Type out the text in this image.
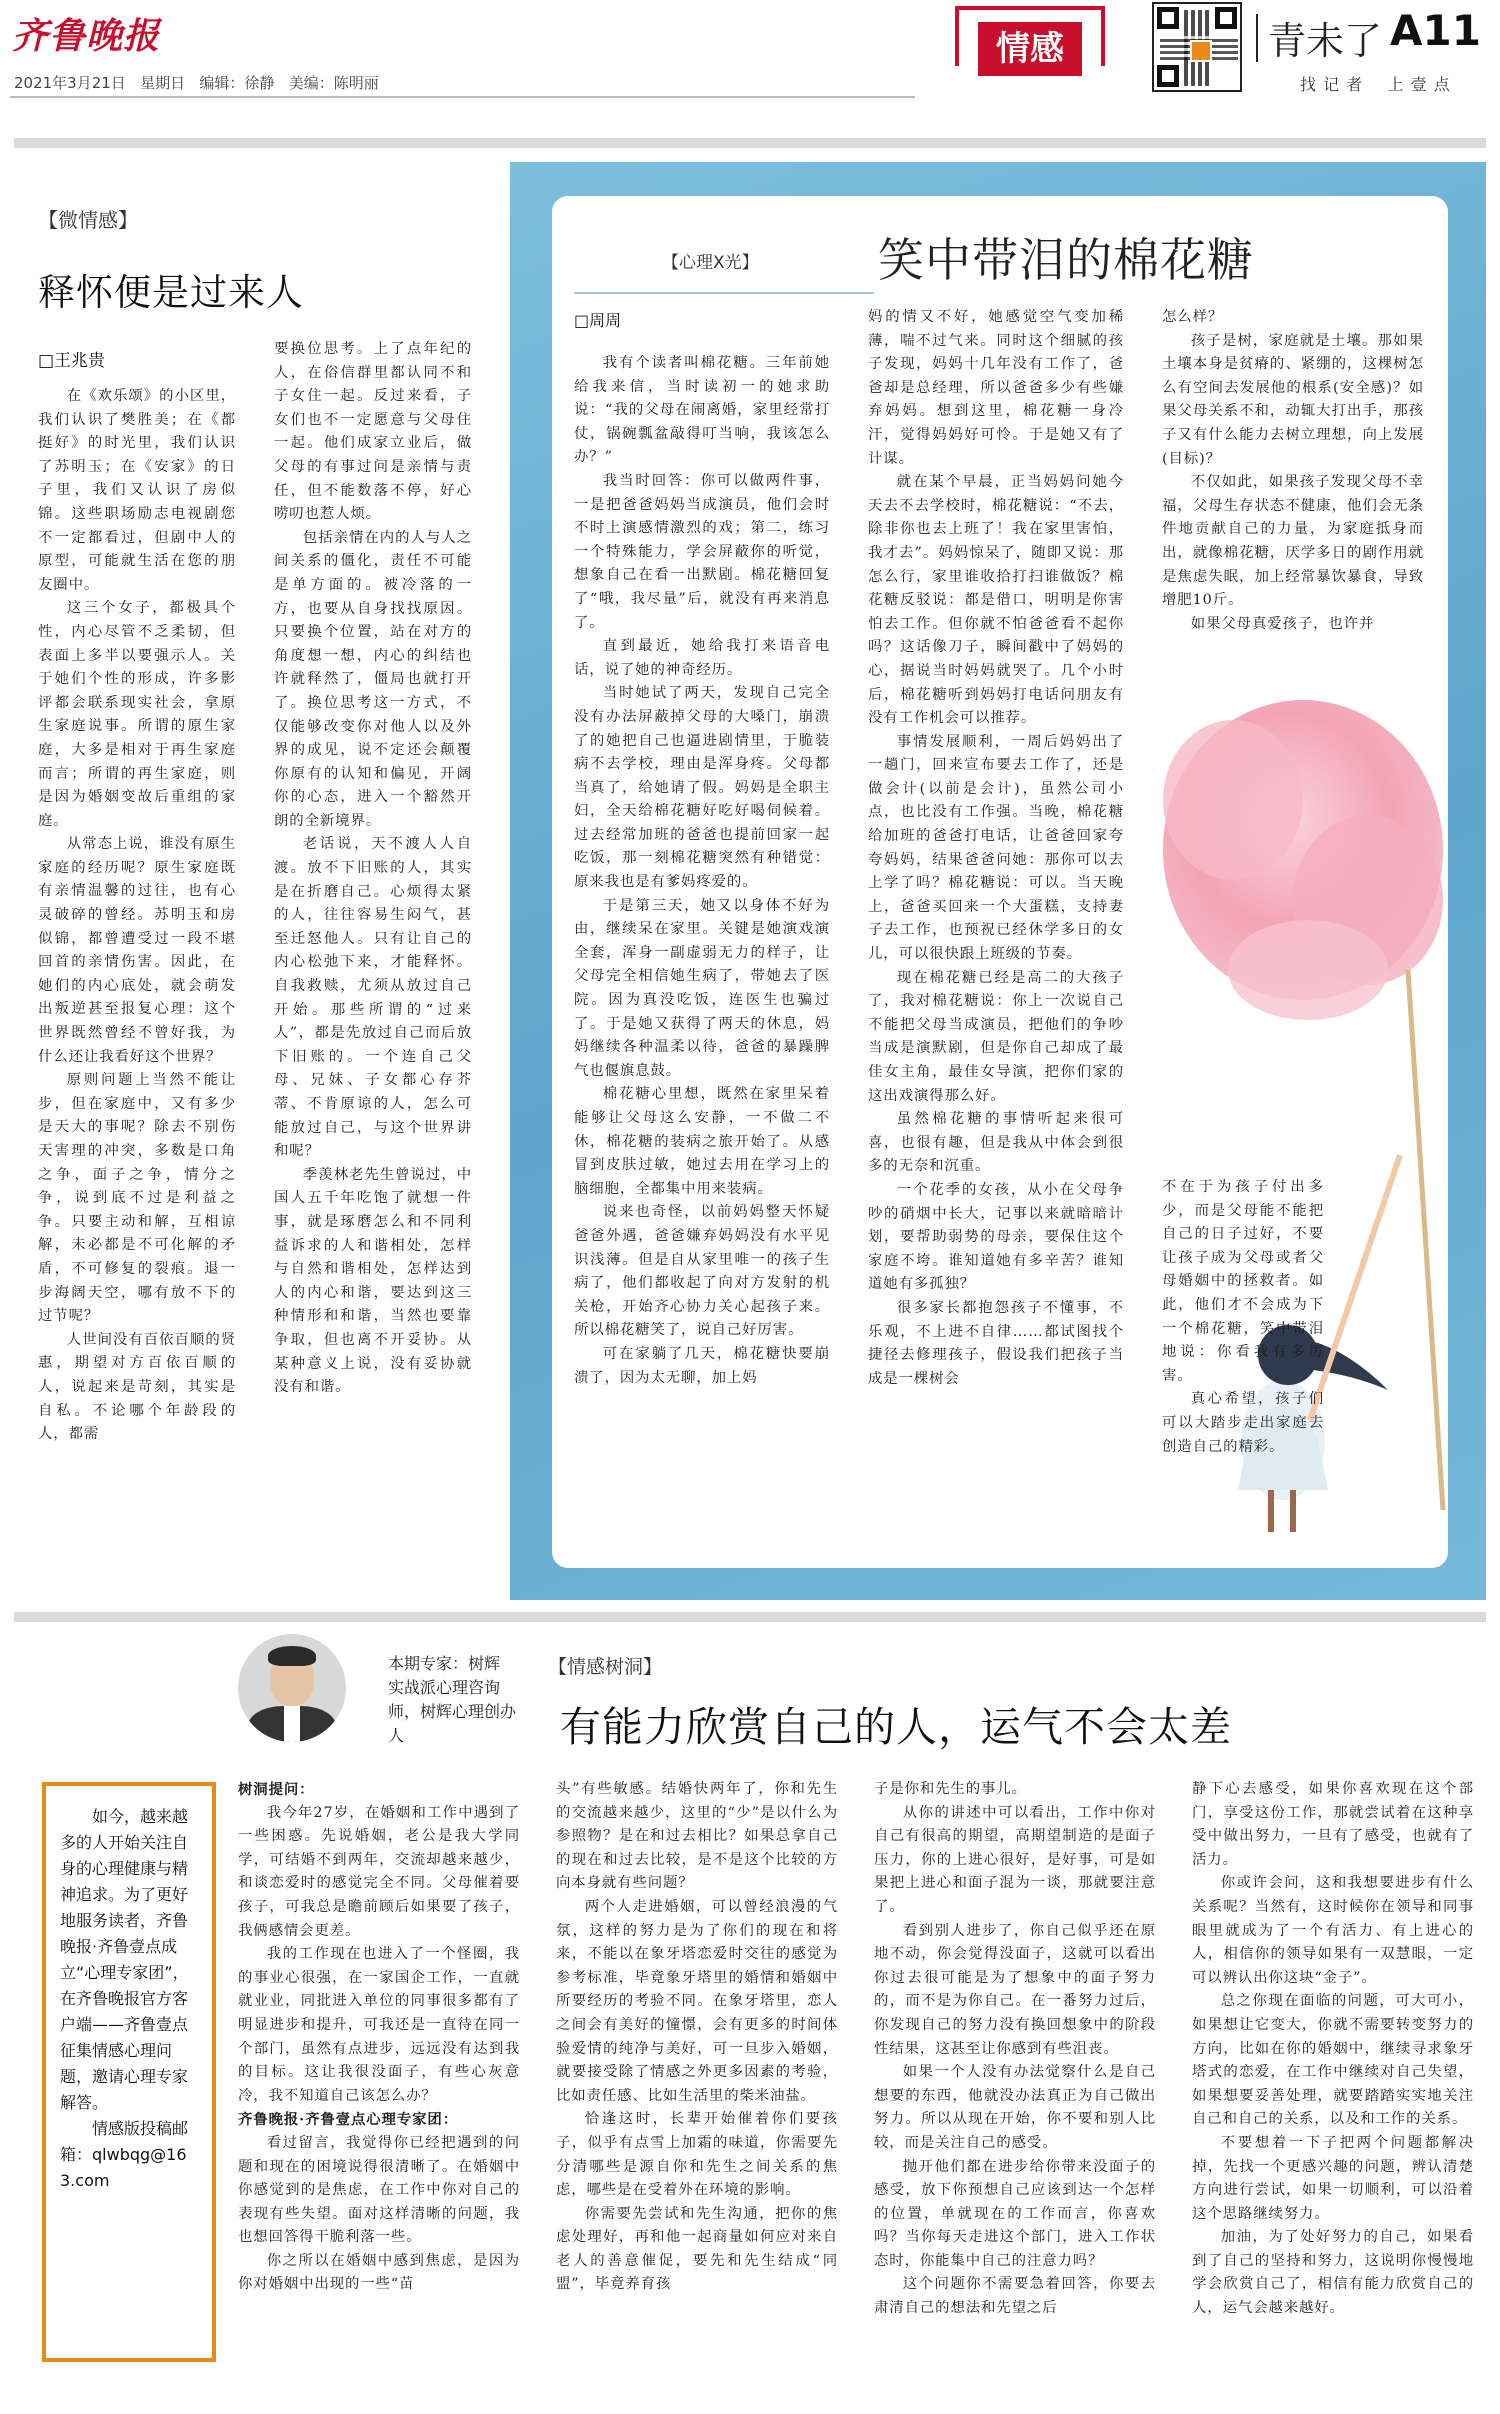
齐鲁晚报
2021年3月21日   星期日   编辑：徐静   美编：陈明丽
情感	青未了 A11
找 记 者    上 壹 点
【微情感】
释怀便是过来人
□王兆贵

在《欢乐颂》的小区里，我们认识了樊胜美；在《都挺好》的时光里，我们认识了苏明玉；在《安家》的日子里，我们又认识了房似锦。这些职场励志电视剧您不一定都看过，但剧中人的原型，可能就生活在您的朋友圈中。

这三个女子，都极具个性，内心尽管不乏柔韧，但表面上多半以要强示人。关于她们个性的形成，许多影评都会联系现实社会，拿原生家庭说事。所谓的原生家庭，大多是相对于再生家庭而言；所谓的再生家庭，则是因为婚姻变故后重组的家庭。

从常态上说，谁没有原生家庭的经历呢？原生家庭既有亲情温馨的过往，也有心灵破碎的曾经。苏明玉和房似锦，都曾遭受过一段不堪回首的亲情伤害。因此，在她们的内心底处，就会萌发出叛逆甚至报复心理：这个世界既然曾经不曾好我，为什么还让我看好这个世界？

原则问题上当然不能让步，但在家庭中，又有多少是天大的事呢？除去不别伤天害理的冲突，多数是口角之争，面子之争，情分之争，说到底不过是利益之争。只要主动和解，互相谅解，未必都是不可化解的矛盾，不可修复的裂痕。退一步海阔天空，哪有放不下的过节呢？

人世间没有百依百顺的贤惠，期望对方百依百顺的人，说起来是苛刻，其实是自私。不论哪个年龄段的人，都需

要换位思考。上了点年纪的人，在俗信群里都认同不和子女住一起。反过来看，子女们也不一定愿意与父母住一起。他们成家立业后，做父母的有事过问是亲情与责任，但不能数落不停，好心唠叨也惹人烦。

包括亲情在内的人与人之间关系的僵化，责任不可能是单方面的。被冷落的一方，也要从自身找找原因。只要换个位置，站在对方的角度想一想，内心的纠结也许就释然了，僵局也就打开了。换位思考这一方式，不仅能够改变你对他人以及外界的成见，说不定还会颠覆你原有的认知和偏见，开阔你的心态，进入一个豁然开朗的全新境界。

老话说，天不渡人人自渡。放不下旧账的人，其实是在折磨自己。心烦得太紧的人，往往容易生闷气，甚至迁怒他人。只有让自己的内心松弛下来，才能释怀。自我救赎，尤须从放过自己开始。那些所谓的“过来人”，都是先放过自己而后放下旧账的。一个连自己父母、兄妹、子女都心存芥蒂、不肯原谅的人，怎么可能放过自己，与这个世界讲和呢？

季羡林老先生曾说过，中国人五千年吃饱了就想一件事，就是琢磨怎么和不同利益诉求的人和谐相处，怎样与自然和谐相处，怎样达到人的内心和谐，要达到这三种情形和和谐，当然也要靠争取，但也离不开妥协。从某种意义上说，没有妥协就没有和谐。

【心理X光】	笑中带泪的棉花糖
□周周

我有个读者叫棉花糖。三年前她给我来信，当时读初一的她求助说：“我的父母在闹离婚，家里经常打仗，锅碗瓢盆敲得叮当响，我该怎么办？”

我当时回答：你可以做两件事，一是把爸爸妈妈当成演员，他们会时不时上演感情激烈的戏；第二，练习一个特殊能力，学会屏蔽你的听觉，想象自己在看一出默剧。棉花糖回复了“哦，我尽量”后，就没有再来消息了。

直到最近，她给我打来语音电话，说了她的神奇经历。

当时她试了两天，发现自己完全没有办法屏蔽掉父母的大嗓门，崩溃了的她把自己也逼进剧情里，于脆装病不去学校，理由是浑身疼。父母都当真了，给她请了假。妈妈是全职主妇，全天给棉花糖好吃好喝伺候着。过去经常加班的爸爸也提前回家一起吃饭，那一刻棉花糖突然有种错觉：原来我也是有爹妈疼爱的。

于是第三天，她又以身体不好为由，继续呆在家里。关键是她演戏演全套，浑身一副虚弱无力的样子，让父母完全相信她生病了，带她去了医院。因为真没吃饭，连医生也骗过了。于是她又获得了两天的休息，妈妈继续各种温柔以待，爸爸的暴躁脾气也偃旗息鼓。

棉花糖心里想，既然在家里呆着能够让父母这么安静，一不做二不休，棉花糖的装病之旅开始了。从感冒到皮肤过敏，她过去用在学习上的脑细胞，全都集中用来装病。

说来也奇怪，以前妈妈整天怀疑爸爸外遇，爸爸嫌弃妈妈没有水平见识浅薄。但是自从家里唯一的孩子生病了，他们都收起了向对方发射的机关枪，开始齐心协力关心起孩子来。所以棉花糖笑了，说自己好厉害。

可在家躺了几天，棉花糖快要崩溃了，因为太无聊，加上妈

妈的情又不好，她感觉空气变加稀薄，喘不过气来。同时这个细腻的孩子发现，妈妈十几年没有工作了，爸爸却是总经理，所以爸爸多少有些嫌弃妈妈。想到这里，棉花糖一身冷汗，觉得妈妈好可怜。于是她又有了计谋。

就在某个早晨，正当妈妈问她今天去不去学校时，棉花糖说：“不去，除非你也去上班了！我在家里害怕，我才去”。妈妈惊呆了，随即又说：那怎么行，家里谁收拾打扫谁做饭？棉花糖反驳说：都是借口，明明是你害怕去工作。但你就不怕爸爸看不起你吗？这话像刀子，瞬间戳中了妈妈的心，据说当时妈妈就哭了。几个小时后，棉花糖听到妈妈打电话问朋友有没有工作机会可以推荐。

事情发展顺利，一周后妈妈出了一趟门，回来宣布要去工作了，还是做会计(以前是会计)，虽然公司小点，也比没有工作强。当晚，棉花糖给加班的爸爸打电话，让爸爸回家夸夸妈妈，结果爸爸问她：那你可以去上学了吗？棉花糖说：可以。当天晚上，爸爸买回来一个大蛋糕，支持妻子去工作，也预祝已经休学多日的女儿，可以很快跟上班级的节奏。

现在棉花糖已经是高二的大孩子了，我对棉花糖说：你上一次说自己不能把父母当成演员，把他们的争吵当成是演默剧，但是你自己却成了最佳女主角，最佳女导演，把你们家的这出戏演得那么好。

虽然棉花糖的事情听起来很可喜，也很有趣，但是我从中体会到很多的无奈和沉重。

一个花季的女孩，从小在父母争吵的硝烟中长大，记事以来就暗暗计划，要帮助弱势的母亲，要保住这个家庭不垮。谁知道她有多辛苦？谁知道她有多孤独？

很多家长都抱怨孩子不懂事，不乐观，不上进不自律……都试图找个捷径去修理孩子，假设我们把孩子当成是一棵树会

怎么样？

孩子是树，家庭就是土壤。那如果土壤本身是贫瘠的、紧绷的，这棵树怎么有空间去发展他的根系(安全感)？如果父母关系不和，动辄大打出手，那孩子又有什么能力去树立理想，向上发展(目标)？

不仅如此，如果孩子发现父母不幸福，父母生存状态不健康，他们会无条件地贡献自己的力量，为家庭抵身而出，就像棉花糖，厌学多日的剧作用就是焦虑失眠，加上经常暴饮暴食，导致增肥10斤。

如果父母真爱孩子，也许并

不在于为孩子付出多少，而是父母能不能把自己的日子过好，不要让孩子成为父母或者父母婚姻中的拯救者。如此，他们才不会成为下一个棉花糖，笑中带泪地说：你看我有多厉害。

真心希望，孩子们可以大踏步走出家庭去创造自己的精彩。

本期专家：树辉
实战派心理咨询师，树辉心理创办人
【情感树洞】
有能力欣赏自己的人，运气不会太差
如今，越来越多的人开始关注自身的心理健康与精神追求。为了更好地服务读者，齐鲁晚报·齐鲁壹点成立“心理专家团”，在齐鲁晚报官方客户端——齐鲁壹点征集情感心理问题，邀请心理专家解答。
　　情感版投稿邮箱：qlwbqg@163.com

树洞提问：

我今年27岁，在婚姻和工作中遇到了一些困惑。先说婚姻，老公是我大学同学，可结婚不到两年，交流却越来越少，和谈恋爱时的感觉完全不同。父母催着要孩子，可我总是瞻前顾后如果要了孩子，我俩感情会更差。

我的工作现在也进入了一个怪圈，我的事业心很强，在一家国企工作，一直就就业业，同批进入单位的同事很多都有了明显进步和提升，可我还是一直待在同一个部门，虽然有点进步，远远没有达到我的目标。这让我很没面子，有些心灰意冷，我不知道自己该怎么办？

齐鲁晚报·齐鲁壹点心理专家团：

看过留言，我觉得你已经把遇到的问题和现在的困境说得很清晰了。在婚姻中你感觉到的是焦虑，在工作中你对自己的表现有些失望。面对这样清晰的问题，我也想回答得干脆利落一些。

你之所以在婚姻中感到焦虑，是因为你对婚姻中出现的一些“苗

头”有些敏感。结婚快两年了，你和先生的交流越来越少，这里的“少”是以什么为参照物？是在和过去相比？如果总拿自己的现在和过去比较，是不是这个比较的方向本身就有些问题？

两个人走进婚姻，可以曾经浪漫的气氛，这样的努力是为了你们的现在和将来，不能以在象牙塔恋爱时交往的感觉为参考标准，毕竟象牙塔里的婚情和婚姻中所要经历的考验不同。在象牙塔里，恋人之间会有美好的憧憬，会有更多的时间体验爱情的纯净与美好，可一旦步入婚姻，就要接受除了情感之外更多因素的考验，比如责任感、比如生活里的柴米油盐。

恰逢这时，长辈开始催着你们要孩子，似乎有点雪上加霜的味道，你需要先分清哪些是源自你和先生之间关系的焦虑，哪些是在受着外在环境的影响。

你需要先尝试和先生沟通，把你的焦虑处理好，再和他一起商量如何应对来自老人的善意催促，要先和先生结成“同盟”，毕竟养育孩

子是你和先生的事儿。

从你的讲述中可以看出，工作中你对自己有很高的期望，高期望制造的是面子压力，你的上进心很好，是好事，可是如果把上进心和面子混为一谈，那就要注意了。

看到别人进步了，你自己似乎还在原地不动，你会觉得没面子，这就可以看出你过去很可能是为了想象中的面子努力的，而不是为你自己。在一番努力过后，你发现自己的努力没有换回想象中的阶段性结果，这甚至让你感到有些沮丧。

如果一个人没有办法觉察什么是自己想要的东西，他就没办法真正为自己做出努力。所以从现在开始，你不要和别人比较，而是关注自己的感受。

抛开他们都在进步给你带来没面子的感受，放下你预想自己应该到达一个怎样的位置，单就现在的工作而言，你喜欢吗？当你每天走进这个部门，进入工作状态时，你能集中自己的注意力吗？

这个问题你不需要急着回答，你要去肃清自己的想法和先望之后

静下心去感受，如果你喜欢现在这个部门，享受这份工作，那就尝试着在这种享受中做出努力，一旦有了感受，也就有了活力。

你或许会问，这和我想要进步有什么关系呢？当然有，这时候你在领导和同事眼里就成为了一个有活力、有上进心的人，相信你的领导如果有一双慧眼，一定可以辨认出你这块“金子”。

总之你现在面临的问题，可大可小，如果想让它变大，你就不需要转变努力的方向，比如在你的婚姻中，继续寻求象牙塔式的恋爱，在工作中继续对自己失望，如果想要妥善处理，就要踏踏实实地关注自己和自己的关系，以及和工作的关系。

不要想着一下子把两个问题都解决掉，先找一个更感兴趣的问题，辨认清楚方向进行尝试，如果一切顺利，可以沿着这个思路继续努力。

加油，为了处好努力的自己，如果看到了自己的坚持和努力，这说明你慢慢地学会欣赏自己了，相信有能力欣赏自己的人，运气会越来越好。
